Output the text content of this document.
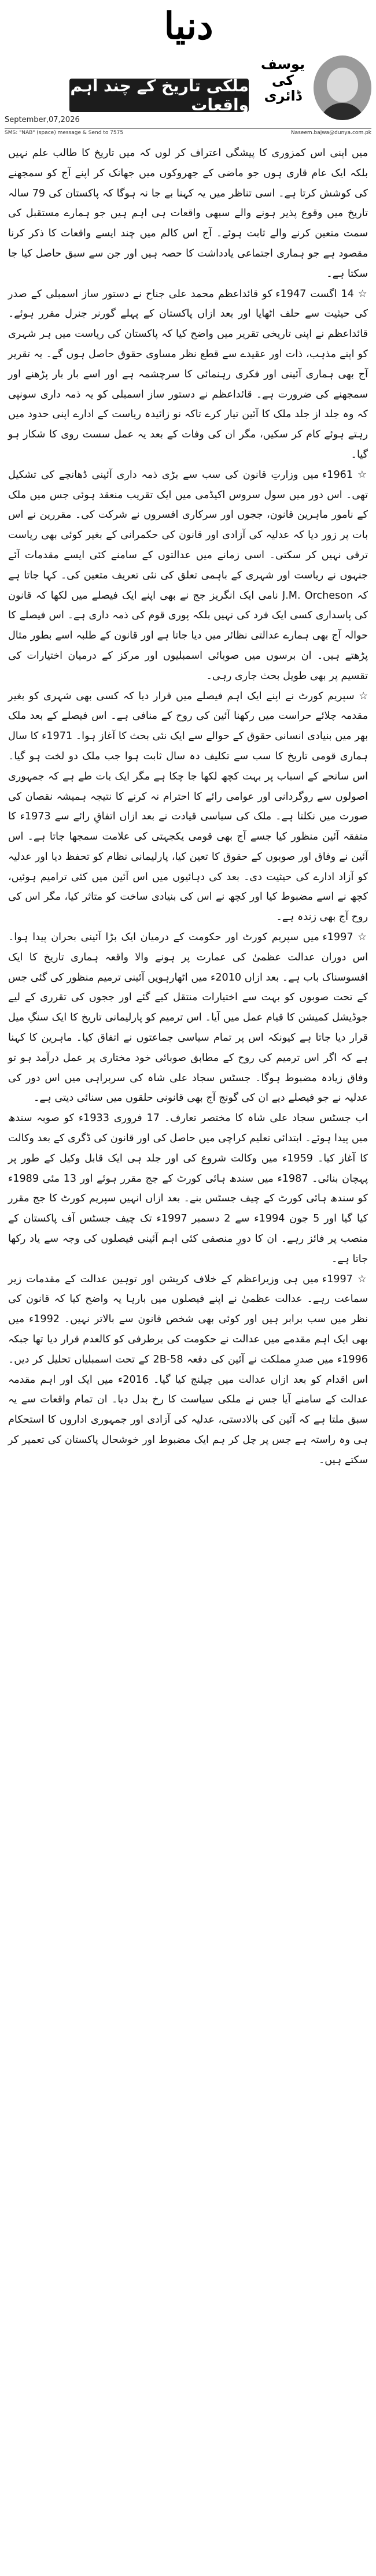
دنیا
یوسف کی ڈائری
ملکی تاریخ کے چند اہم واقعات
September,07,2026
SMS: "NAB" (space) message & Send to 7575	Naseem.bajwa@dunya.com.pk

میں اپنی اس کمزوری کا پیشگی اعتراف کر لوں کہ میں تاریخ کا طالب علم نہیں بلکہ ایک عام قاری ہوں جو ماضی کے جھروکوں میں جھانک کر اپنے آج کو سمجھنے کی کوشش کرتا ہے۔ اسی تناظر میں یہ کہنا بے جا نہ ہوگا کہ پاکستان کی 79 سالہ تاریخ میں وقوع پذیر ہونے والے سبھی واقعات ہی اہم ہیں جو ہمارے مستقبل کی سمت متعین کرنے والے ثابت ہوئے۔ آج اس کالم میں چند ایسے واقعات کا ذکر کرنا مقصود ہے جو ہماری اجتماعی یادداشت کا حصہ ہیں اور جن سے سبق حاصل کیا جا سکتا ہے۔

☆ 14 اگست 1947ء کو قائداعظم محمد علی جناح نے دستور ساز اسمبلی کے صدر کی حیثیت سے حلف اٹھایا اور بعد ازاں پاکستان کے پہلے گورنر جنرل مقرر ہوئے۔ قائداعظم نے اپنی تاریخی تقریر میں واضح کیا کہ پاکستان کی ریاست میں ہر شہری کو اپنے مذہب، ذات اور عقیدے سے قطع نظر مساوی حقوق حاصل ہوں گے۔ یہ تقریر آج بھی ہماری آئینی اور فکری رہنمائی کا سرچشمہ ہے اور اسے بار بار پڑھنے اور سمجھنے کی ضرورت ہے۔ قائداعظم نے دستور ساز اسمبلی کو یہ ذمہ داری سونپی کہ وہ جلد از جلد ملک کا آئین تیار کرے تاکہ نو زائیدہ ریاست کے ادارے اپنی حدود میں رہتے ہوئے کام کر سکیں، مگر ان کی وفات کے بعد یہ عمل سست روی کا شکار ہو گیا۔

☆ 1961ء میں وزارتِ قانون کی سب سے بڑی ذمہ داری آئینی ڈھانچے کی تشکیل تھی۔ اس دور میں سول سروس اکیڈمی میں ایک تقریب منعقد ہوئی جس میں ملک کے نامور ماہرین قانون، ججوں اور سرکاری افسروں نے شرکت کی۔ مقررین نے اس بات پر زور دیا کہ عدلیہ کی آزادی اور قانون کی حکمرانی کے بغیر کوئی بھی ریاست ترقی نہیں کر سکتی۔ اسی زمانے میں عدالتوں کے سامنے کئی ایسے مقدمات آئے جنہوں نے ریاست اور شہری کے باہمی تعلق کی نئی تعریف متعین کی۔ کہا جاتا ہے کہ J.M. Orcheson نامی ایک انگریز جج نے بھی اپنے ایک فیصلے میں لکھا کہ قانون کی پاسداری کسی ایک فرد کی نہیں بلکہ پوری قوم کی ذمہ داری ہے۔ اس فیصلے کا حوالہ آج بھی ہمارے عدالتی نظائر میں دیا جاتا ہے اور قانون کے طلبہ اسے بطور مثال پڑھتے ہیں۔ ان برسوں میں صوبائی اسمبلیوں اور مرکز کے درمیان اختیارات کی تقسیم پر بھی طویل بحث جاری رہی۔

☆ سپریم کورٹ نے اپنے ایک اہم فیصلے میں قرار دیا کہ کسی بھی شہری کو بغیر مقدمہ چلائے حراست میں رکھنا آئین کی روح کے منافی ہے۔ اس فیصلے کے بعد ملک بھر میں بنیادی انسانی حقوق کے حوالے سے ایک نئی بحث کا آغاز ہوا۔ 1971ء کا سال ہماری قومی تاریخ کا سب سے تکلیف دہ سال ثابت ہوا جب ملک دو لخت ہو گیا۔ اس سانحے کے اسباب پر بہت کچھ لکھا جا چکا ہے مگر ایک بات طے ہے کہ جمہوری اصولوں سے روگردانی اور عوامی رائے کا احترام نہ کرنے کا نتیجہ ہمیشہ نقصان کی صورت میں نکلتا ہے۔ ملک کی سیاسی قیادت نے بعد ازاں اتفاقِ رائے سے 1973ء کا متفقہ آئین منظور کیا جسے آج بھی قومی یکجہتی کی علامت سمجھا جاتا ہے۔ اس آئین نے وفاق اور صوبوں کے حقوق کا تعین کیا، پارلیمانی نظام کو تحفظ دیا اور عدلیہ کو آزاد ادارے کی حیثیت دی۔ بعد کی دہائیوں میں اس آئین میں کئی ترامیم ہوئیں، کچھ نے اسے مضبوط کیا اور کچھ نے اس کی بنیادی ساخت کو متاثر کیا، مگر اس کی روح آج بھی زندہ ہے۔

☆ 1997ء میں سپریم کورٹ اور حکومت کے درمیان ایک بڑا آئینی بحران پیدا ہوا۔ اس دوران عدالت عظمیٰ کی عمارت پر ہونے والا واقعہ ہماری تاریخ کا ایک افسوسناک باب ہے۔ بعد ازاں 2010ء میں اٹھارہویں آئینی ترمیم منظور کی گئی جس کے تحت صوبوں کو بہت سے اختیارات منتقل کیے گئے اور ججوں کی تقرری کے لیے جوڈیشل کمیشن کا قیام عمل میں آیا۔ اس ترمیم کو پارلیمانی تاریخ کا ایک سنگِ میل قرار دیا جاتا ہے کیونکہ اس پر تمام سیاسی جماعتوں نے اتفاق کیا۔ ماہرین کا کہنا ہے کہ اگر اس ترمیم کی روح کے مطابق صوبائی خود مختاری پر عمل درآمد ہو تو وفاق زیادہ مضبوط ہوگا۔ جسٹس سجاد علی شاہ کی سربراہی میں اس دور کی عدلیہ نے جو فیصلے دیے ان کی گونج آج بھی قانونی حلقوں میں سنائی دیتی ہے۔

اب جسٹس سجاد علی شاہ کا مختصر تعارف۔ 17 فروری 1933ء کو صوبہ سندھ میں پیدا ہوئے۔ ابتدائی تعلیم کراچی میں حاصل کی اور قانون کی ڈگری کے بعد وکالت کا آغاز کیا۔ 1959ء میں وکالت شروع کی اور جلد ہی ایک قابل وکیل کے طور پر پہچان بنائی۔ 1987ء میں سندھ ہائی کورٹ کے جج مقرر ہوئے اور 13 مئی 1989ء کو سندھ ہائی کورٹ کے چیف جسٹس بنے۔ بعد ازاں انہیں سپریم کورٹ کا جج مقرر کیا گیا اور 5 جون 1994ء سے 2 دسمبر 1997ء تک چیف جسٹس آف پاکستان کے منصب پر فائز رہے۔ ان کا دورِ منصفی کئی اہم آئینی فیصلوں کی وجہ سے یاد رکھا جاتا ہے۔

☆ 1997ء میں ہی وزیراعظم کے خلاف کرپشن اور توہین عدالت کے مقدمات زیر سماعت رہے۔ عدالت عظمیٰ نے اپنے فیصلوں میں بارہا یہ واضح کیا کہ قانون کی نظر میں سب برابر ہیں اور کوئی بھی شخص قانون سے بالاتر نہیں۔ 1992ء میں بھی ایک اہم مقدمے میں عدالت نے حکومت کی برطرفی کو کالعدم قرار دیا تھا جبکہ 1996ء میں صدرِ مملکت نے آئین کی دفعہ 58-2B کے تحت اسمبلیاں تحلیل کر دیں۔ اس اقدام کو بعد ازاں عدالت میں چیلنج کیا گیا۔ 2016ء میں ایک اور اہم مقدمہ عدالت کے سامنے آیا جس نے ملکی سیاست کا رخ بدل دیا۔ ان تمام واقعات سے یہ سبق ملتا ہے کہ آئین کی بالادستی، عدلیہ کی آزادی اور جمہوری اداروں کا استحکام ہی وہ راستہ ہے جس پر چل کر ہم ایک مضبوط اور خوشحال پاکستان کی تعمیر کر سکتے ہیں۔
